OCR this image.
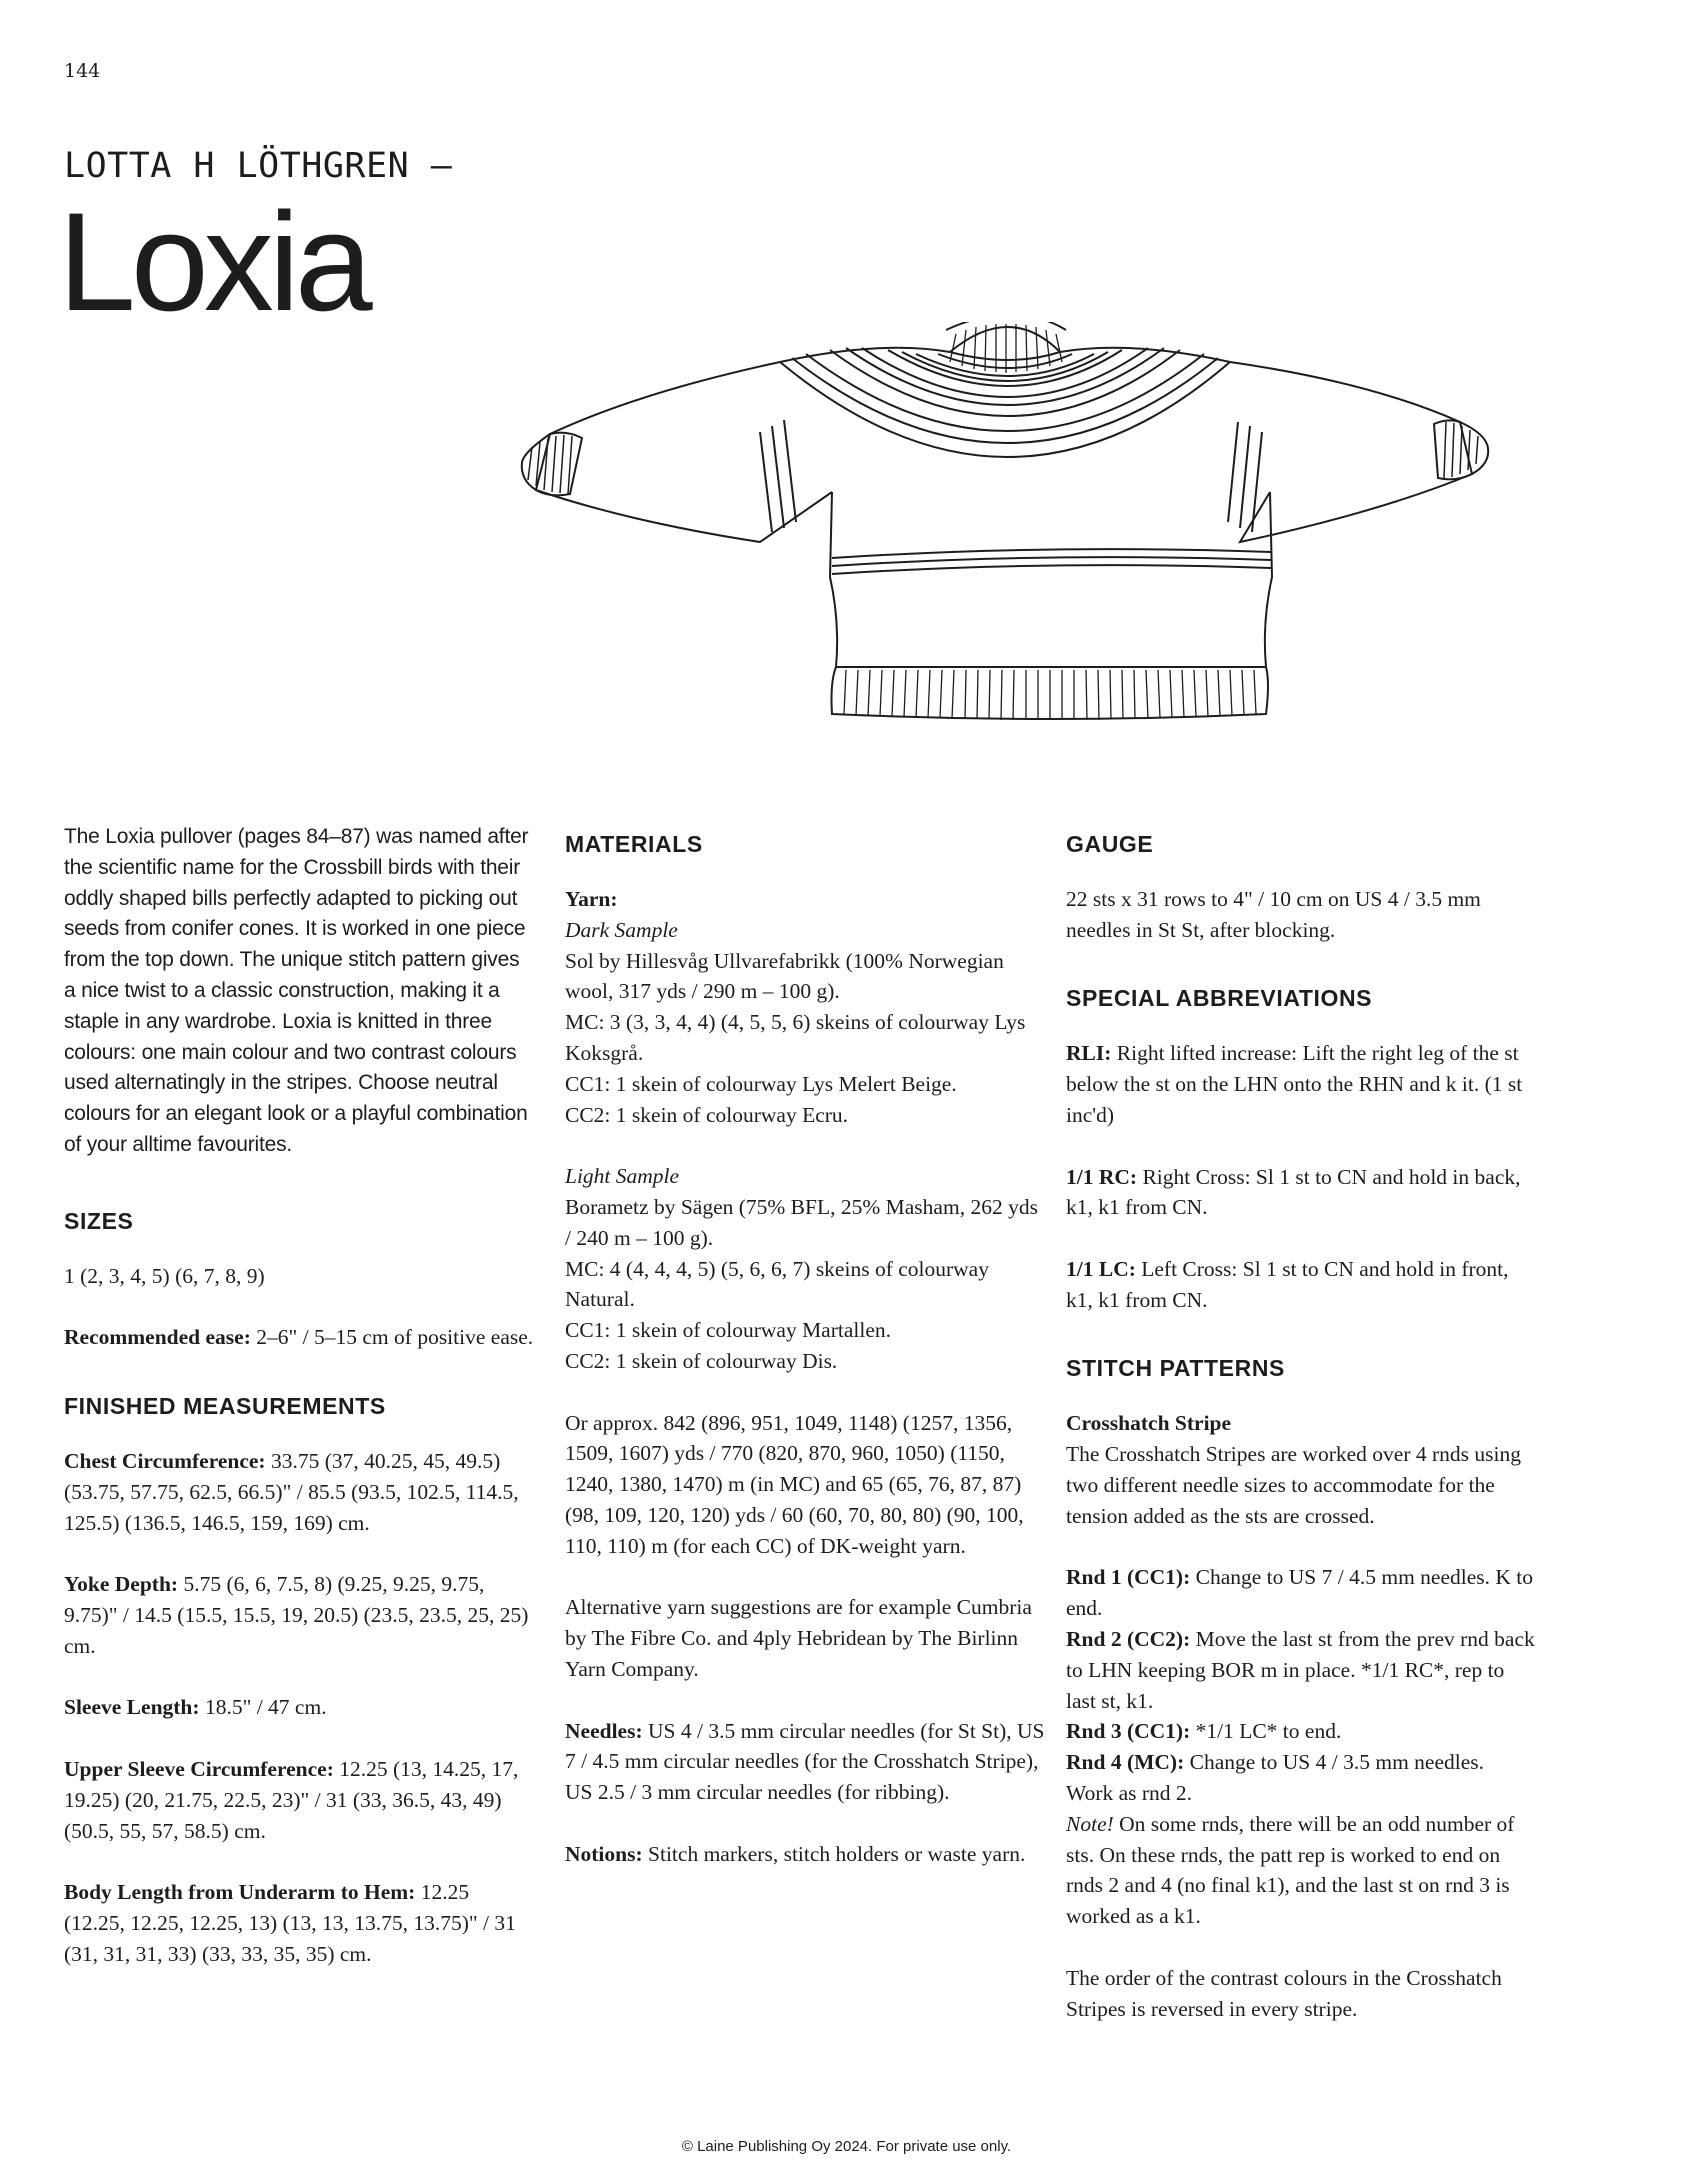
144
LOTTA H LÖTHGREN –
Loxia

The Loxia pullover (pages 84–87) was named after the scientific name for the Crossbill birds with their oddly shaped bills perfectly adapted to picking out seeds from conifer cones. It is worked in one piece from the top down. The unique stitch pattern gives a nice twist to a classic construction, making it a staple in any wardrobe. Loxia is knitted in three colours: one main colour and two contrast colours used alternatingly in the stripes. Choose neutral colours for an elegant look or a playful combination of your alltime favourites.

SIZES

1 (2, 3, 4, 5) (6, 7, 8, 9)

Recommended ease: 2–6" / 5–15 cm of positive ease.

FINISHED MEASUREMENTS

Chest Circumference: 33.75 (37, 40.25, 45, 49.5) (53.75, 57.75, 62.5, 66.5)" / 85.5 (93.5, 102.5, 114.5, 125.5) (136.5, 146.5, 159, 169) cm.

Yoke Depth: 5.75 (6, 6, 7.5, 8) (9.25, 9.25, 9.75, 9.75)" / 14.5 (15.5, 15.5, 19, 20.5) (23.5, 23.5, 25, 25) cm.

Sleeve Length: 18.5" / 47 cm.

Upper Sleeve Circumference: 12.25 (13, 14.25, 17, 19.25) (20, 21.75, 22.5, 23)" / 31 (33, 36.5, 43, 49) (50.5, 55, 57, 58.5) cm.

Body Length from Underarm to Hem: 12.25 (12.25, 12.25, 12.25, 13) (13, 13, 13.75, 13.75)" / 31 (31, 31, 31, 33) (33, 33, 35, 35) cm.

MATERIALS

Yarn:
Dark Sample
Sol by Hillesvåg Ullvarefabrikk (100% Norwegian wool, 317 yds / 290 m – 100 g).
MC: 3 (3, 3, 4, 4) (4, 5, 5, 6) skeins of colourway Lys Koksgrå.
CC1: 1 skein of colourway Lys Melert Beige.
CC2: 1 skein of colourway Ecru.

Light Sample
Borametz by Sägen (75% BFL, 25% Masham, 262 yds / 240 m – 100 g).
MC: 4 (4, 4, 4, 5) (5, 6, 6, 7) skeins of colourway Natural.
CC1: 1 skein of colourway Martallen.
CC2: 1 skein of colourway Dis.

Or approx. 842 (896, 951, 1049, 1148) (1257, 1356, 1509, 1607) yds / 770 (820, 870, 960, 1050) (1150, 1240, 1380, 1470) m (in MC) and 65 (65, 76, 87, 87) (98, 109, 120, 120) yds / 60 (60, 70, 80, 80) (90, 100, 110, 110) m (for each CC) of DK-weight yarn.

Alternative yarn suggestions are for example Cumbria by The Fibre Co. and 4ply Hebridean by The Birlinn Yarn Company.

Needles: US 4 / 3.5 mm circular needles (for St St), US 7 / 4.5 mm circular needles (for the Crosshatch Stripe), US 2.5 / 3 mm circular needles (for ribbing).

Notions: Stitch markers, stitch holders or waste yarn.

GAUGE

22 sts x 31 rows to 4" / 10 cm on US 4 / 3.5 mm needles in St St, after blocking.

SPECIAL ABBREVIATIONS

RLI: Right lifted increase: Lift the right leg of the st below the st on the LHN onto the RHN and k it. (1 st inc'd)

1/1 RC: Right Cross: Sl 1 st to CN and hold in back, k1, k1 from CN.

1/1 LC: Left Cross: Sl 1 st to CN and hold in front, k1, k1 from CN.

STITCH PATTERNS

Crosshatch Stripe
The Crosshatch Stripes are worked over 4 rnds using two different needle sizes to accommodate for the tension added as the sts are crossed.

Rnd 1 (CC1): Change to US 7 / 4.5 mm needles. K to end.
Rnd 2 (CC2): Move the last st from the prev rnd back to LHN keeping BOR m in place. *1/1 RC*, rep to last st, k1.
Rnd 3 (CC1): *1/1 LC* to end.
Rnd 4 (MC): Change to US 4 / 3.5 mm needles. Work as rnd 2.
Note! On some rnds, there will be an odd number of sts. On these rnds, the patt rep is worked to end on rnds 2 and 4 (no final k1), and the last st on rnd 3 is worked as a k1.

The order of the contrast colours in the Crosshatch Stripes is reversed in every stripe.

© Laine Publishing Oy 2024. For private use only.
